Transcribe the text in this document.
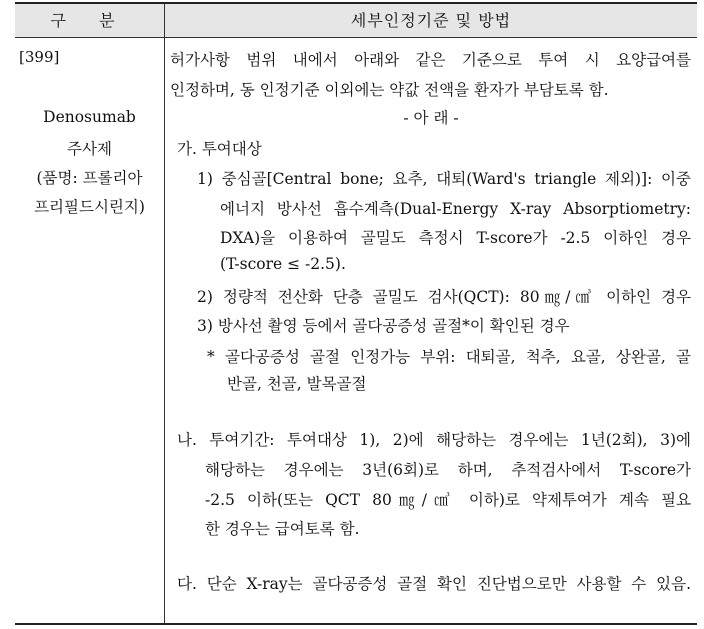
구 분	세부인정기준 및 방법
[399]
Denosumab
주사제
(품명: 프롤리아
프리필드시린지)
허가사항 범위 내에서 아래와 같은 기준으로 투여 시 요양급여를
인정하며, 동 인정기준 이외에는 약값 전액을 환자가 부담토록 함.
- 아 래 -
가. 투여대상
1) 중심골[Central bone; 요추, 대퇴(Ward's triangle 제외)]: 이중
에너지 방사선 흡수계측(Dual-Energy X-ray Absorptiometry:
DXA)을 이용하여 골밀도 측정시 T-score가 -2.5 이하인 경우
(T-score ≤ -2.5).
2) 정량적 전산화 단층 골밀도 검사(QCT): 80㎎/㎤ 이하인 경우
3) 방사선 촬영 등에서 골다공증성 골절*이 확인된 경우
* 골다공증성 골절 인정가능 부위: 대퇴골, 척추, 요골, 상완골, 골
반골, 천골, 발목골절
나. 투여기간: 투여대상 1), 2)에 해당하는 경우에는 1년(2회), 3)에
해당하는 경우에는 3년(6회)로 하며, 추적검사에서 T-score가
-2.5 이하(또는 QCT 80㎎/㎤ 이하)로 약제투여가 계속 필요
한 경우는 급여토록 함.
다. 단순 X-ray는 골다공증성 골절 확인 진단법으로만 사용할 수 있음.
